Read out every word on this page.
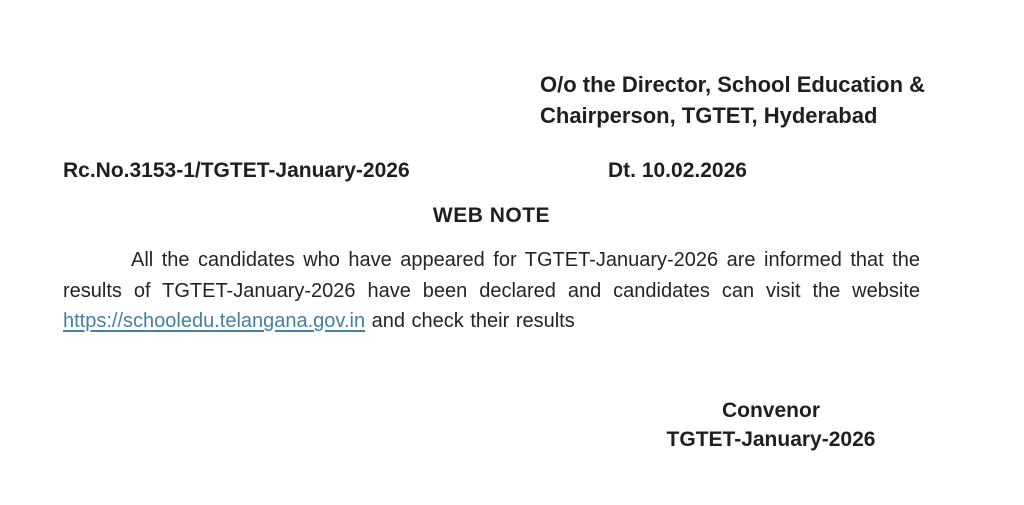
O/o the Director, School Education &
Chairperson, TGTET, Hyderabad
Rc.No.3153-1/TGTET-January-2026	Dt. 10.02.2026
WEB NOTE

All the candidates who have appeared for TGTET-January-2026 are informed that the results of TGTET-January-2026 have been declared and candidates can visit the website https://schooledu.telangana.gov.in and check their results

Convenor
TGTET-January-2026
